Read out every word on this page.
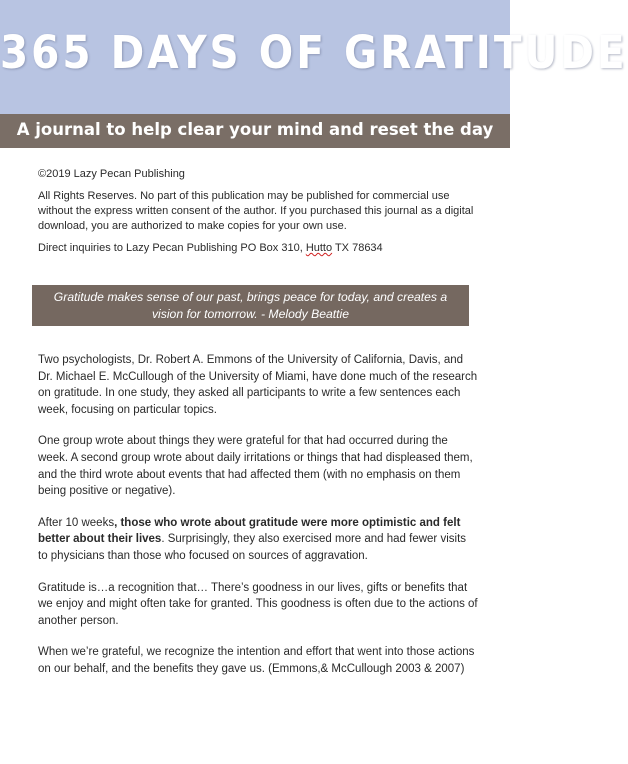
365 DAYS OF GRATITUDE
A journal to help clear your mind and reset the day

©2019 Lazy Pecan Publishing

All Rights Reserves. No part of this publication may be published for commercial use without the express written consent of the author. If you purchased this journal as a digital download, you are authorized to make copies for your own use.

Direct inquiries to Lazy Pecan Publishing PO Box 310, Hutto TX 78634

Gratitude makes sense of our past, brings peace for today, and creates a vision for tomorrow. - Melody Beattie

Two psychologists, Dr. Robert A. Emmons of the University of California, Davis, and Dr. Michael E. McCullough of the University of Miami, have done much of the research on gratitude. In one study, they asked all participants to write a few sentences each week, focusing on particular topics.

One group wrote about things they were grateful for that had occurred during the week. A second group wrote about daily irritations or things that had displeased them, and the third wrote about events that had affected them (with no emphasis on them being positive or negative).

After 10 weeks, those who wrote about gratitude were more optimistic and felt better about their lives. Surprisingly, they also exercised more and had fewer visits to physicians than those who focused on sources of aggravation.

Gratitude is…a recognition that… There’s goodness in our lives, gifts or benefits that we enjoy and might often take for granted. This goodness is often due to the actions of another person.

When we’re grateful, we recognize the intention and effort that went into those actions on our behalf, and the benefits they gave us. (Emmons,& McCullough 2003 & 2007)
